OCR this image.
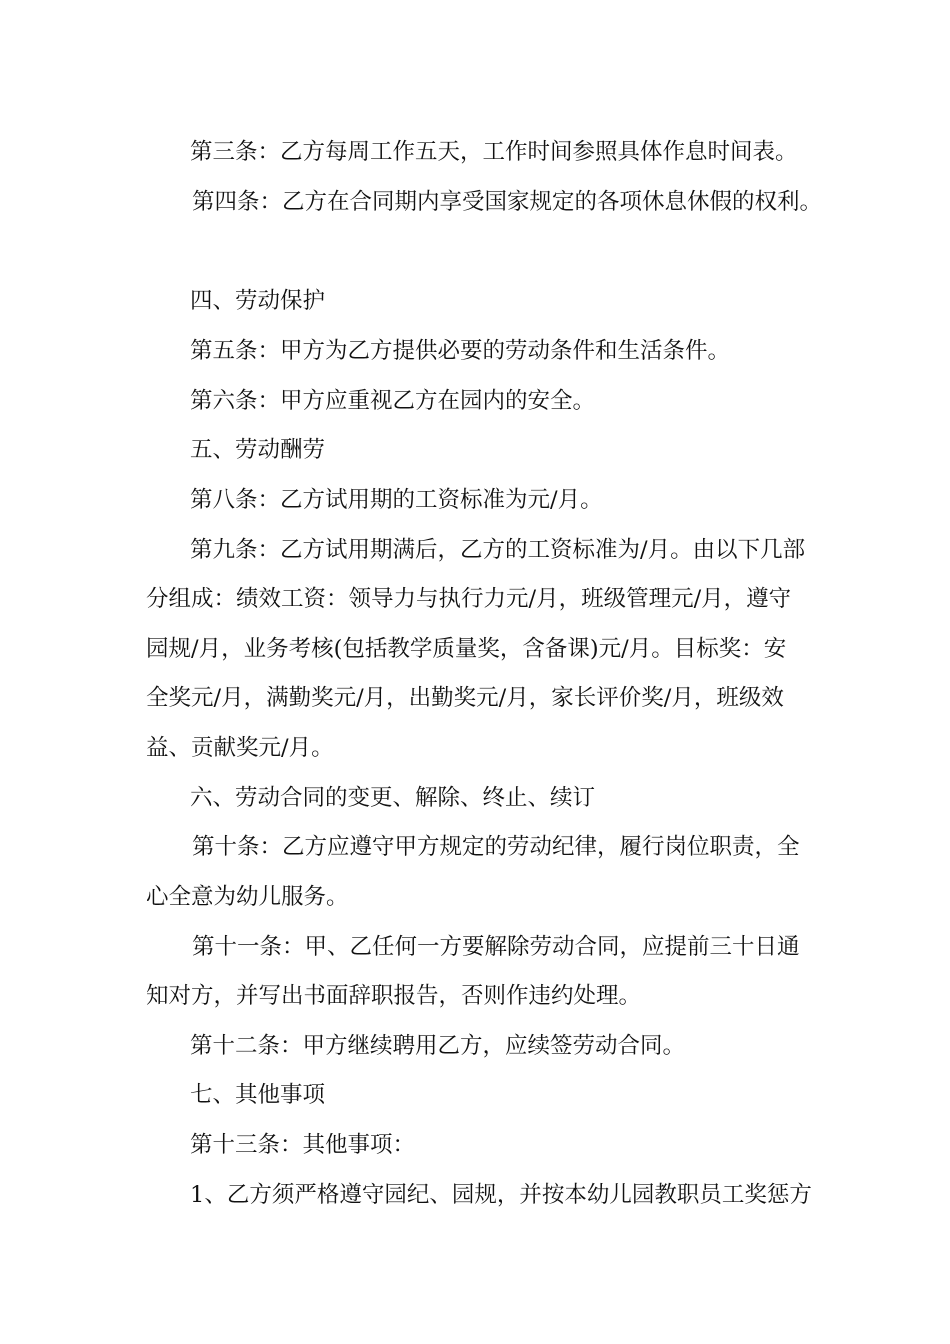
第三条：乙方每周工作五天，工作时间参照具体作息时间表。

第四条：乙方在合同期内享受国家规定的各项休息休假的权利。

四、劳动保护

第五条：甲方为乙方提供必要的劳动条件和生活条件。

第六条：甲方应重视乙方在园内的安全。

五、劳动酬劳

第八条：乙方试用期的工资标准为元/月。

第九条：乙方试用期满后，乙方的工资标准为/月。由以下几部

分组成：绩效工资：领导力与执行力元/月，班级管理元/月，遵守

园规/月，业务考核(包括教学质量奖，含备课)元/月。目标奖：安

全奖元/月，满勤奖元/月，出勤奖元/月，家长评价奖/月，班级效

益、贡献奖元/月。

六、劳动合同的变更、解除、终止、续订

第十条：乙方应遵守甲方规定的劳动纪律，履行岗位职责，全

心全意为幼儿服务。

第十一条：甲、乙任何一方要解除劳动合同，应提前三十日通

知对方，并写出书面辞职报告，否则作违约处理。

第十二条：甲方继续聘用乙方，应续签劳动合同。

七、其他事项

第十三条：其他事项：

1、乙方须严格遵守园纪、园规，并按本幼儿园教职员工奖惩方
